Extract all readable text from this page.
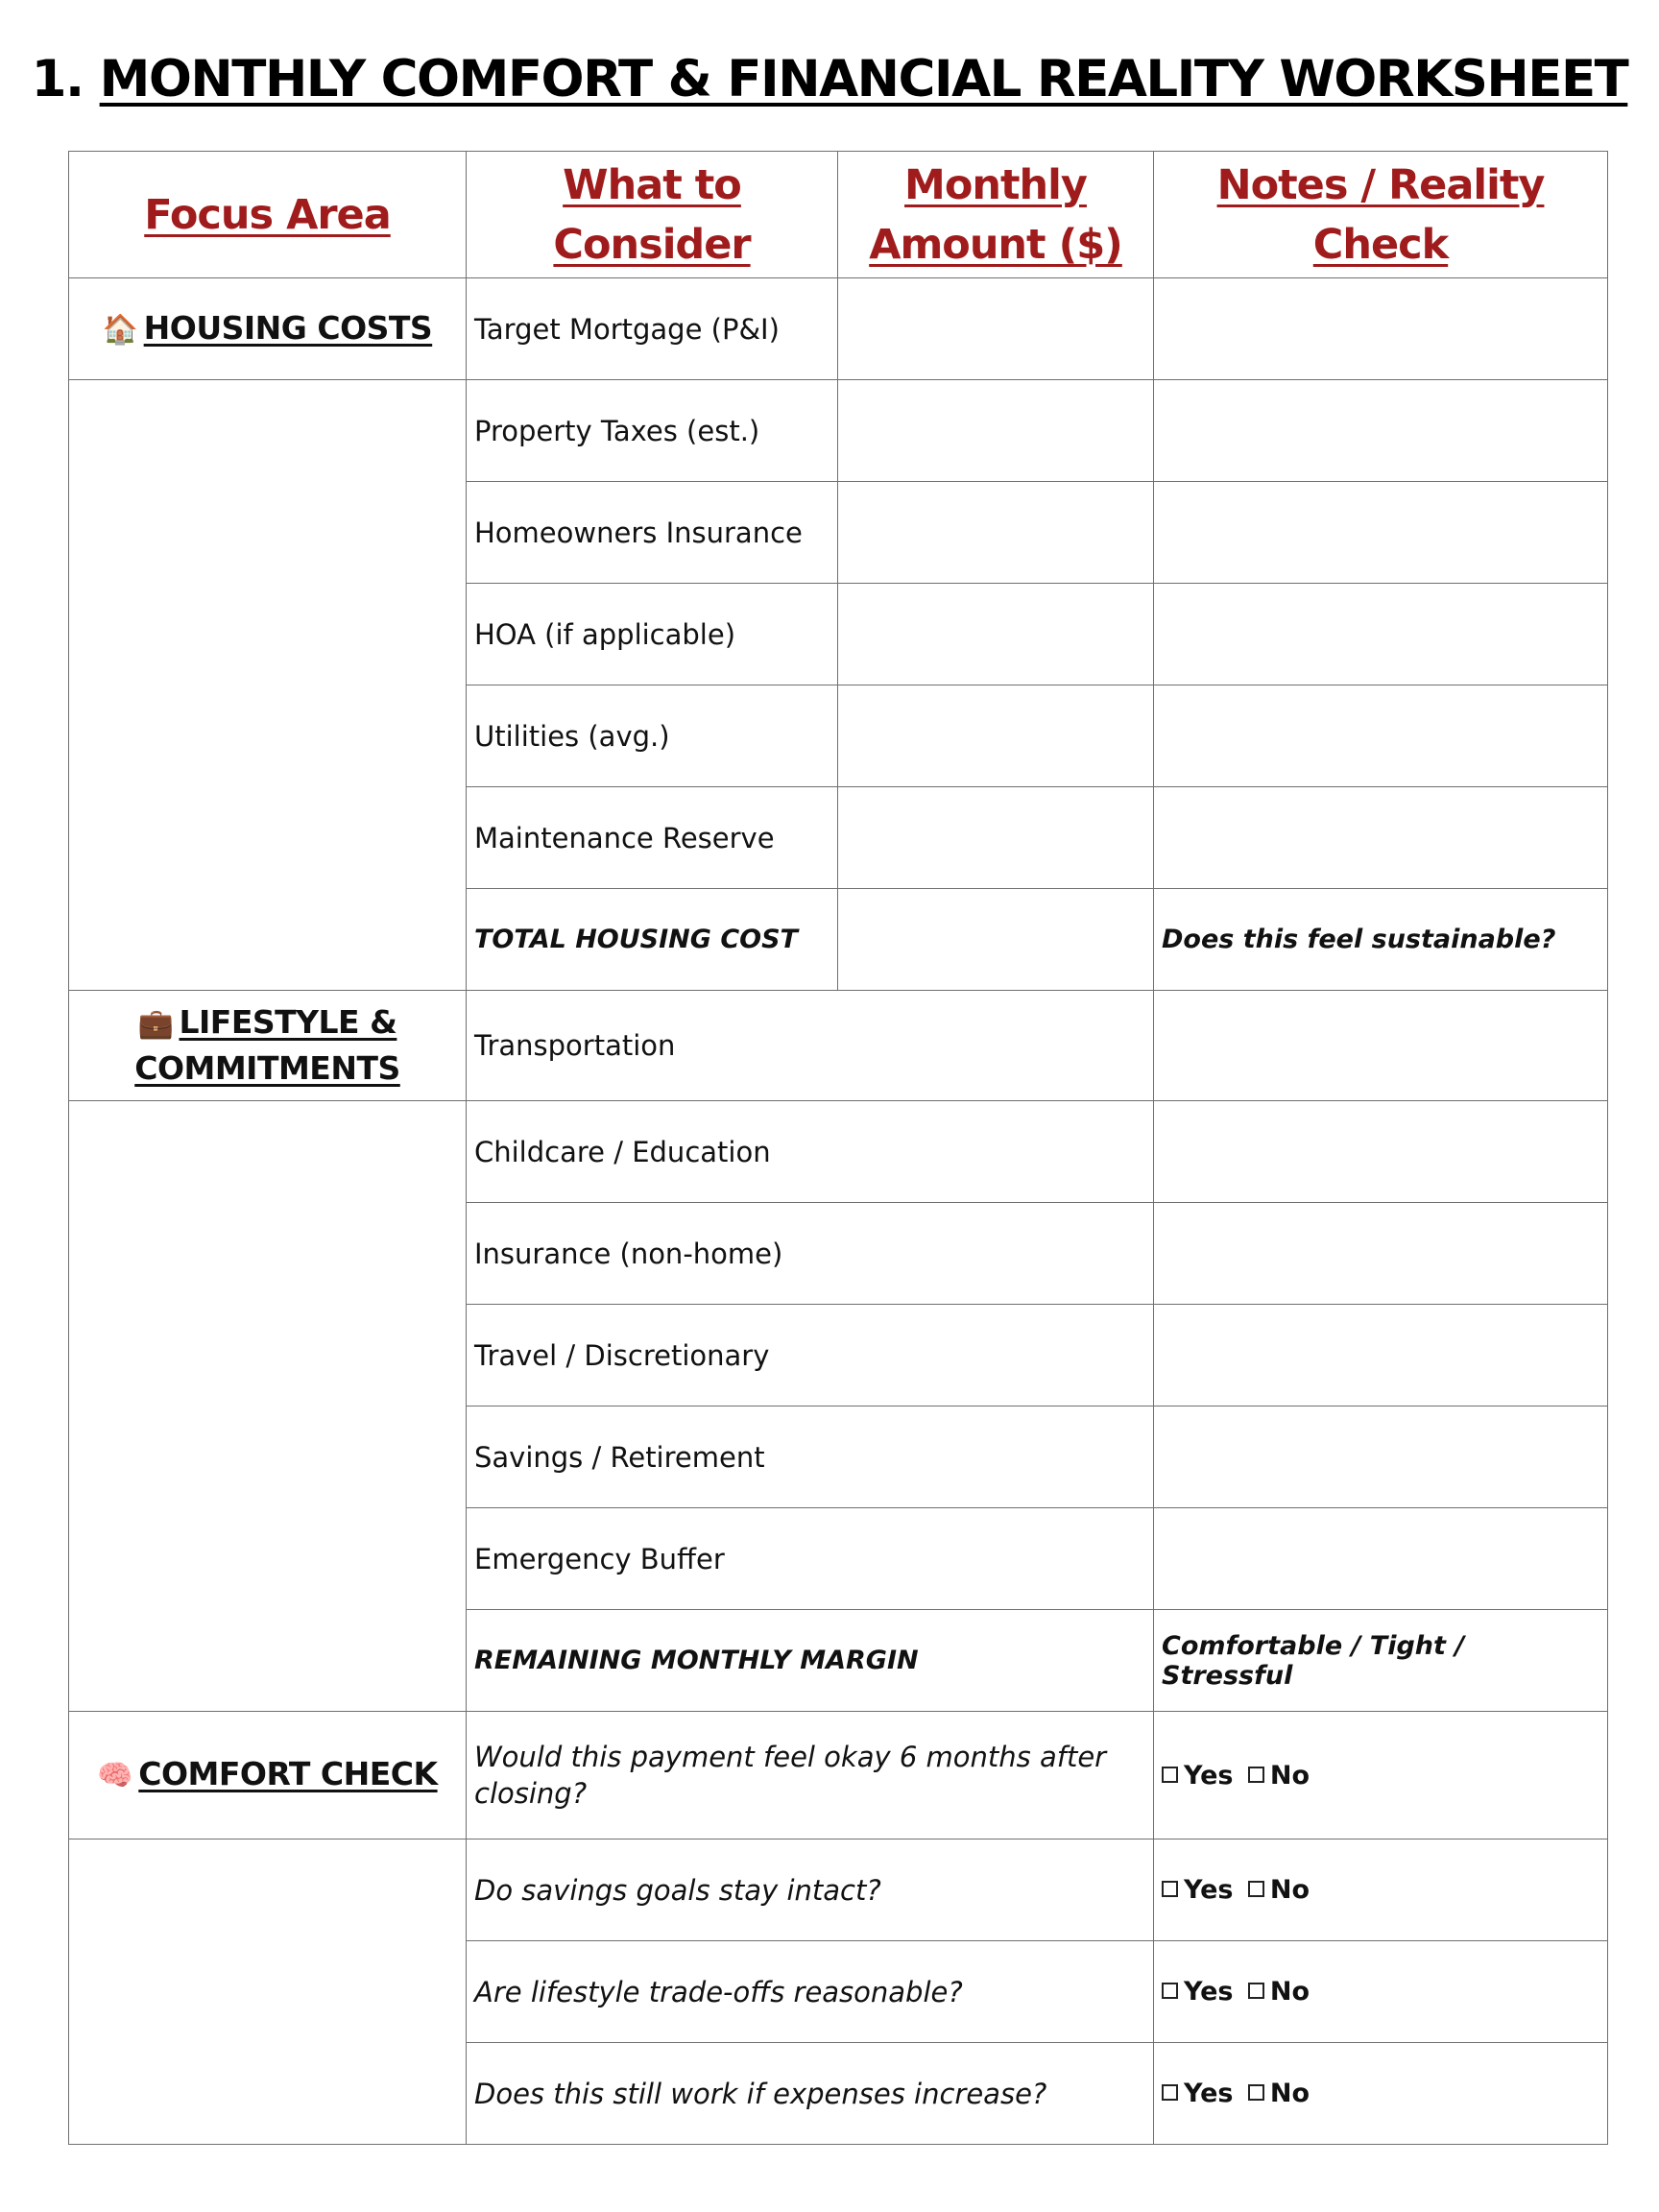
1. MONTHLY COMFORT & FINANCIAL REALITY WORKSHEET
Focus Area	What to Consider	Monthly Amount ($)	Notes / Reality Check
🏠 HOUSING COSTS	Target Mortgage (P&I)		
	Property Taxes (est.)		
	Homeowners Insurance		
	HOA (if applicable)		
	Utilities (avg.)		
	Maintenance Reserve		
	TOTAL HOUSING COST		Does this feel sustainable?
💼 LIFESTYLE & COMMITMENTS	Transportation		
	Childcare / Education		
	Insurance (non-home)		
	Travel / Discretionary		
	Savings / Retirement		
	Emergency Buffer		
	REMAINING MONTHLY MARGIN		Comfortable / Tight / Stressful
🧠 COMFORT CHECK	Would this payment feel okay 6 months after closing?		Yes No
	Do savings goals stay intact?		Yes No
	Are lifestyle trade-offs reasonable?		Yes No
	Does this still work if expenses increase?		Yes No
